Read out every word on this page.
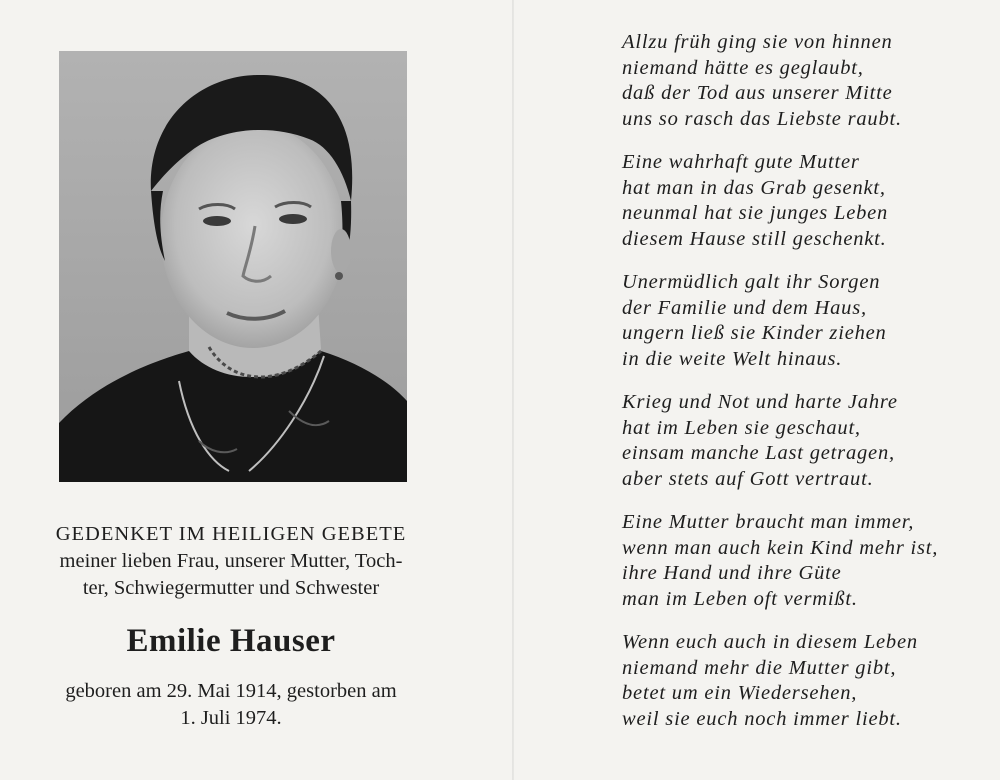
GEDENKET IM HEILIGEN GEBETE

meiner lieben Frau, unserer Mutter, Toch-

ter, Schwiegermutter und Schwester

Emilie Hauser

geboren am 29. Mai 1914, gestorben am

1. Juli 1974.

Allzu früh ging sie von hinnen
niemand hätte es geglaubt,
daß der Tod aus unserer Mitte
uns so rasch das Liebste raubt.
Eine wahrhaft gute Mutter
hat man in das Grab gesenkt,
neunmal hat sie junges Leben
diesem Hause still geschenkt.
Unermüdlich galt ihr Sorgen
der Familie und dem Haus,
ungern ließ sie Kinder ziehen
in die weite Welt hinaus.
Krieg und Not und harte Jahre
hat im Leben sie geschaut,
einsam manche Last getragen,
aber stets auf Gott vertraut.
Eine Mutter braucht man immer,
wenn man auch kein Kind mehr ist,
ihre Hand und ihre Güte
man im Leben oft vermißt.
Wenn euch auch in diesem Leben
niemand mehr die Mutter gibt,
betet um ein Wiedersehen,
weil sie euch noch immer liebt.
